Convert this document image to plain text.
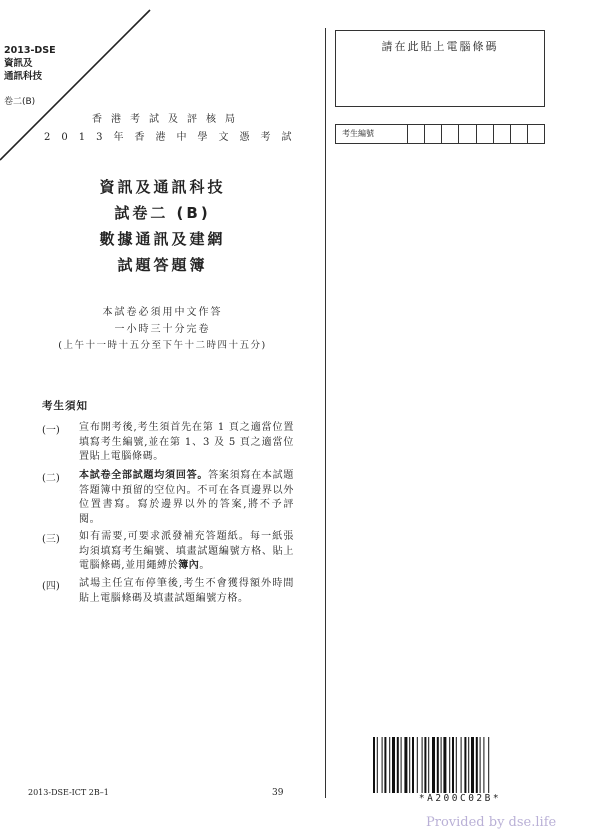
2013-DSE
資訊及
通訊科技
卷二(B)
香港考試及評核局
2013年香港中學文憑考試
資訊及通訊科技
試卷二 (B)
數據通訊及建網
試題答題簿
本試卷必須用中文作答
一小時三十分完卷
(上午十一時十五分至下午十二時四十五分)
考生須知
(一) 宣布開考後,考生須首先在第 1 頁之適當位置填寫考生編號,並在第 1、3 及 5 頁之適當位置貼上電腦條碼。
(二) 本試卷全部試題均須回答。答案須寫在本試題答題簿中預留的空位內。不可在各頁邊界以外位置書寫。寫於邊界以外的答案,將不予評閱。
(三) 如有需要,可要求派發補充答題紙。每一紙張均須填寫考生編號、填畫試題編號方格、貼上電腦條碼,並用繩縛於簿內。
(四) 試場主任宣布停筆後,考生不會獲得額外時間貼上電腦條碼及填畫試題編號方格。
請在此貼上電腦條碼
考生編號
*A200C02B*
2013-DSE-ICT 2B–1	39
Provided by dse.life
